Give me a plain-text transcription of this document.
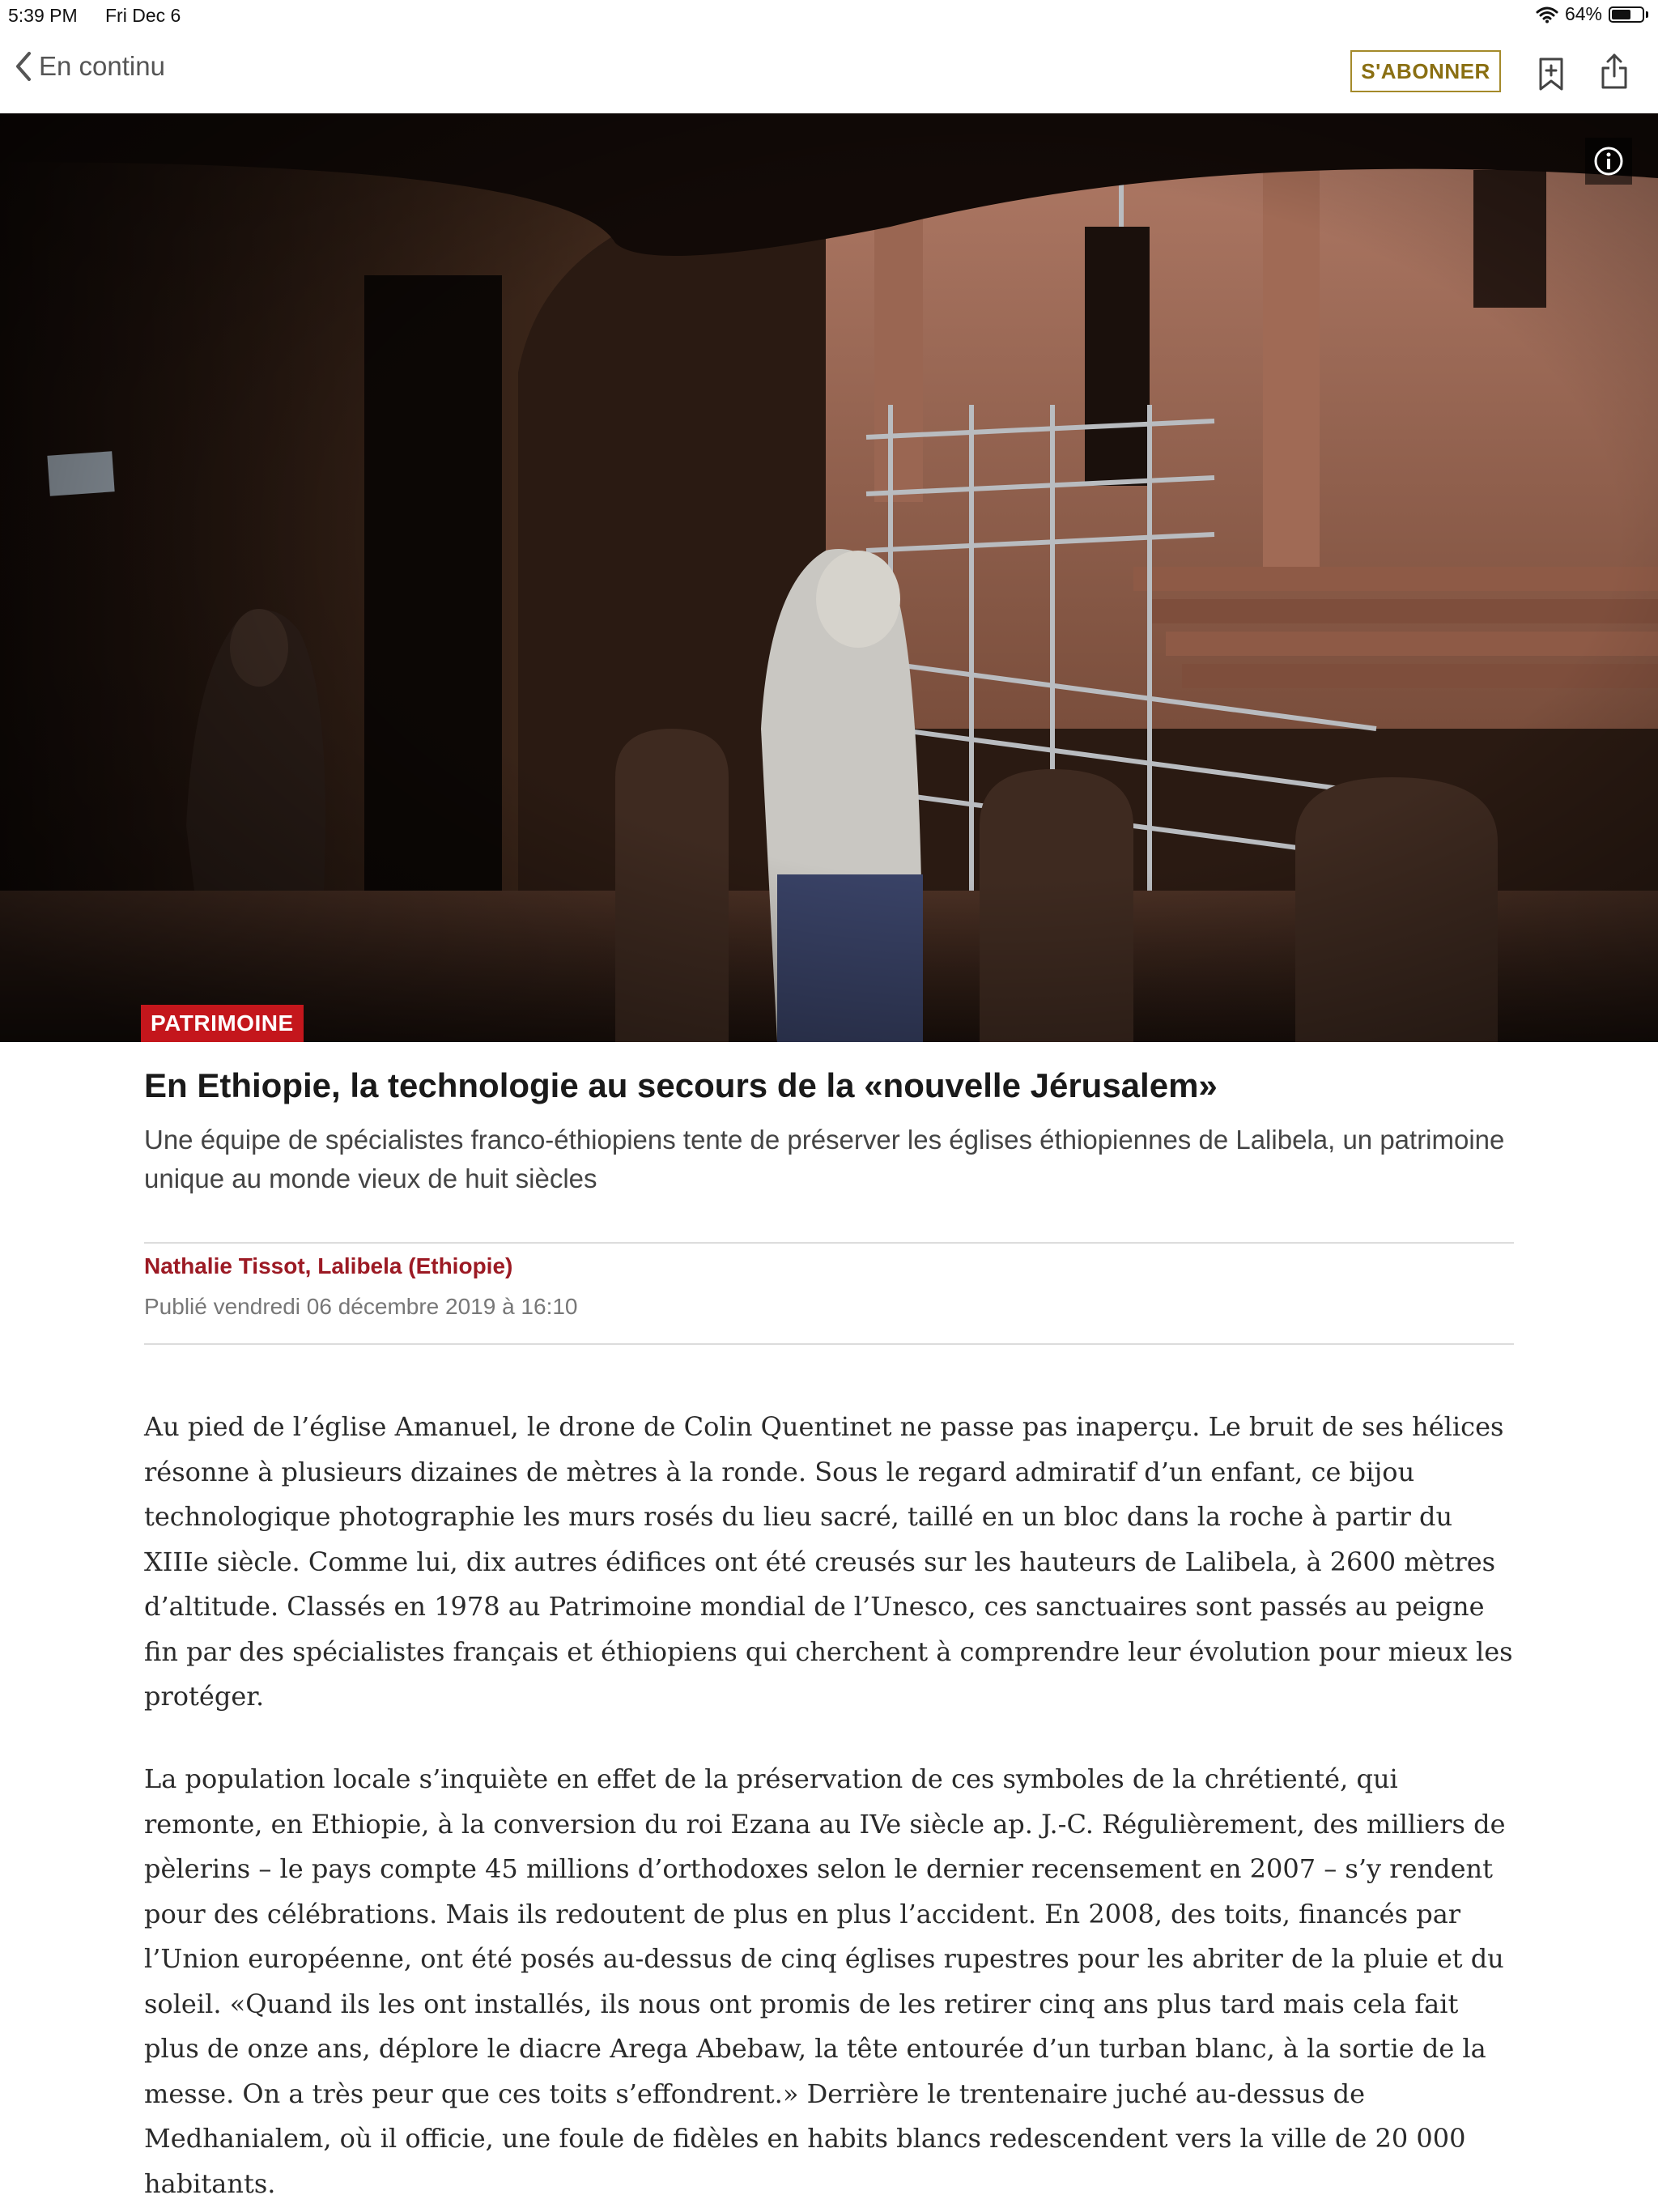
5:39 PM Fri Dec 6	64%
En continu	S'ABONNER
PATRIMOINE
En Ethiopie, la technologie au secours de la «nouvelle Jérusalem»

Une équipe de spécialistes franco-éthiopiens tente de préserver les églises éthiopiennes de Lalibela, un patrimoine unique au monde vieux de huit siècles

Nathalie Tissot, Lalibela (Ethiopie)
Publié vendredi 06 décembre 2019 à 16:10

Au pied de l’église Amanuel, le drone de Colin Quentinet ne passe pas inaperçu. Le bruit de ses hélices résonne à plusieurs dizaines de mètres à la ronde. Sous le regard admiratif d’un enfant, ce bijou technologique photographie les murs rosés du lieu sacré, taillé en un bloc dans la roche à partir du XIIIe siècle. Comme lui, dix autres édifices ont été creusés sur les hauteurs de Lalibela, à 2600 mètres d’altitude. Classés en 1978 au Patrimoine mondial de l’Unesco, ces sanctuaires sont passés au peigne fin par des spécialistes français et éthiopiens qui cherchent à comprendre leur évolution pour mieux les protéger.

La population locale s’inquiète en effet de la préservation de ces symboles de la chrétienté, qui remonte, en Ethiopie, à la conversion du roi Ezana au IVe siècle ap. J.-C. Régulièrement, des milliers de pèlerins – le pays compte 45 millions d’orthodoxes selon le dernier recensement en 2007 – s’y rendent pour des célébrations. Mais ils redoutent de plus en plus l’accident. En 2008, des toits, financés par l’Union européenne, ont été posés au-dessus de cinq églises rupestres pour les abriter de la pluie et du soleil. «Quand ils les ont installés, ils nous ont promis de les retirer cinq ans plus tard mais cela fait plus de onze ans, déplore le diacre Arega Abebaw, la tête entourée d’un turban blanc, à la sortie de la messe. On a très peur que ces toits s’effondrent.» Derrière le trentenaire juché au-dessus de Medhanialem, où il officie, une foule de fidèles en habits blancs redescendent vers la ville de 20 000 habitants.
